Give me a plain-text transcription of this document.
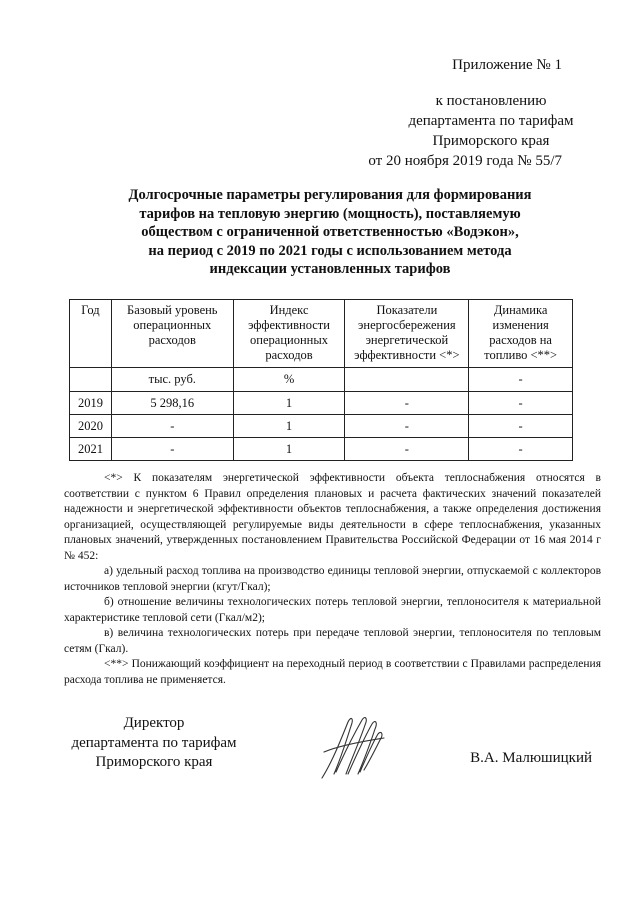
Приложение № 1
к постановлению
департамента по тарифам
Приморского края
от 20 ноября 2019 года № 55/7
Долгосрочные параметры регулирования для формирования
тарифов на тепловую энергию (мощность), поставляемую
обществом с ограниченной ответственностью «Водэкон»,
на период с 2019 по 2021 годы с использованием метода
индексации установленных тарифов
Год	Базовый уровень операционных расходов	Индекс эффективности операционных расходов	Показатели энергосбережения энергетической эффективности <*>	Динамика изменения расходов на топливо <**>
	тыс. руб.	%		-
2019	5 298,16	1	-	-
2020	-	1	-	-
2021	-	1	-	-

<*> К показателям энергетической эффективности объекта теплоснабжения относятся в соответствии с пунктом 6 Правил определения плановых и расчета фактических значений показателей надежности и энергетической эффективности объектов теплоснабжения, а также определения достижения организацией, осуществляющей регулируемые виды деятельности в сфере теплоснабжения, указанных плановых значений, утвержденных постановлением Правительства Российской Федерации от 16 мая 2014 г № 452:

а) удельный расход топлива на производство единицы тепловой энергии, отпускаемой с коллекторов источников тепловой энергии (кгут/Гкал);

б) отношение величины технологических потерь тепловой энергии, теплоносителя к материальной характеристике тепловой сети (Гкал/м2);

в) величина технологических потерь при передаче тепловой энергии, теплоносителя по тепловым сетям (Гкал).

<**> Понижающий коэффициент на переходный период в соответствии с Правилами распределения расхода топлива не применяется.

Директор
департамента по тарифам
Приморского края	В.А. Малюшицкий
